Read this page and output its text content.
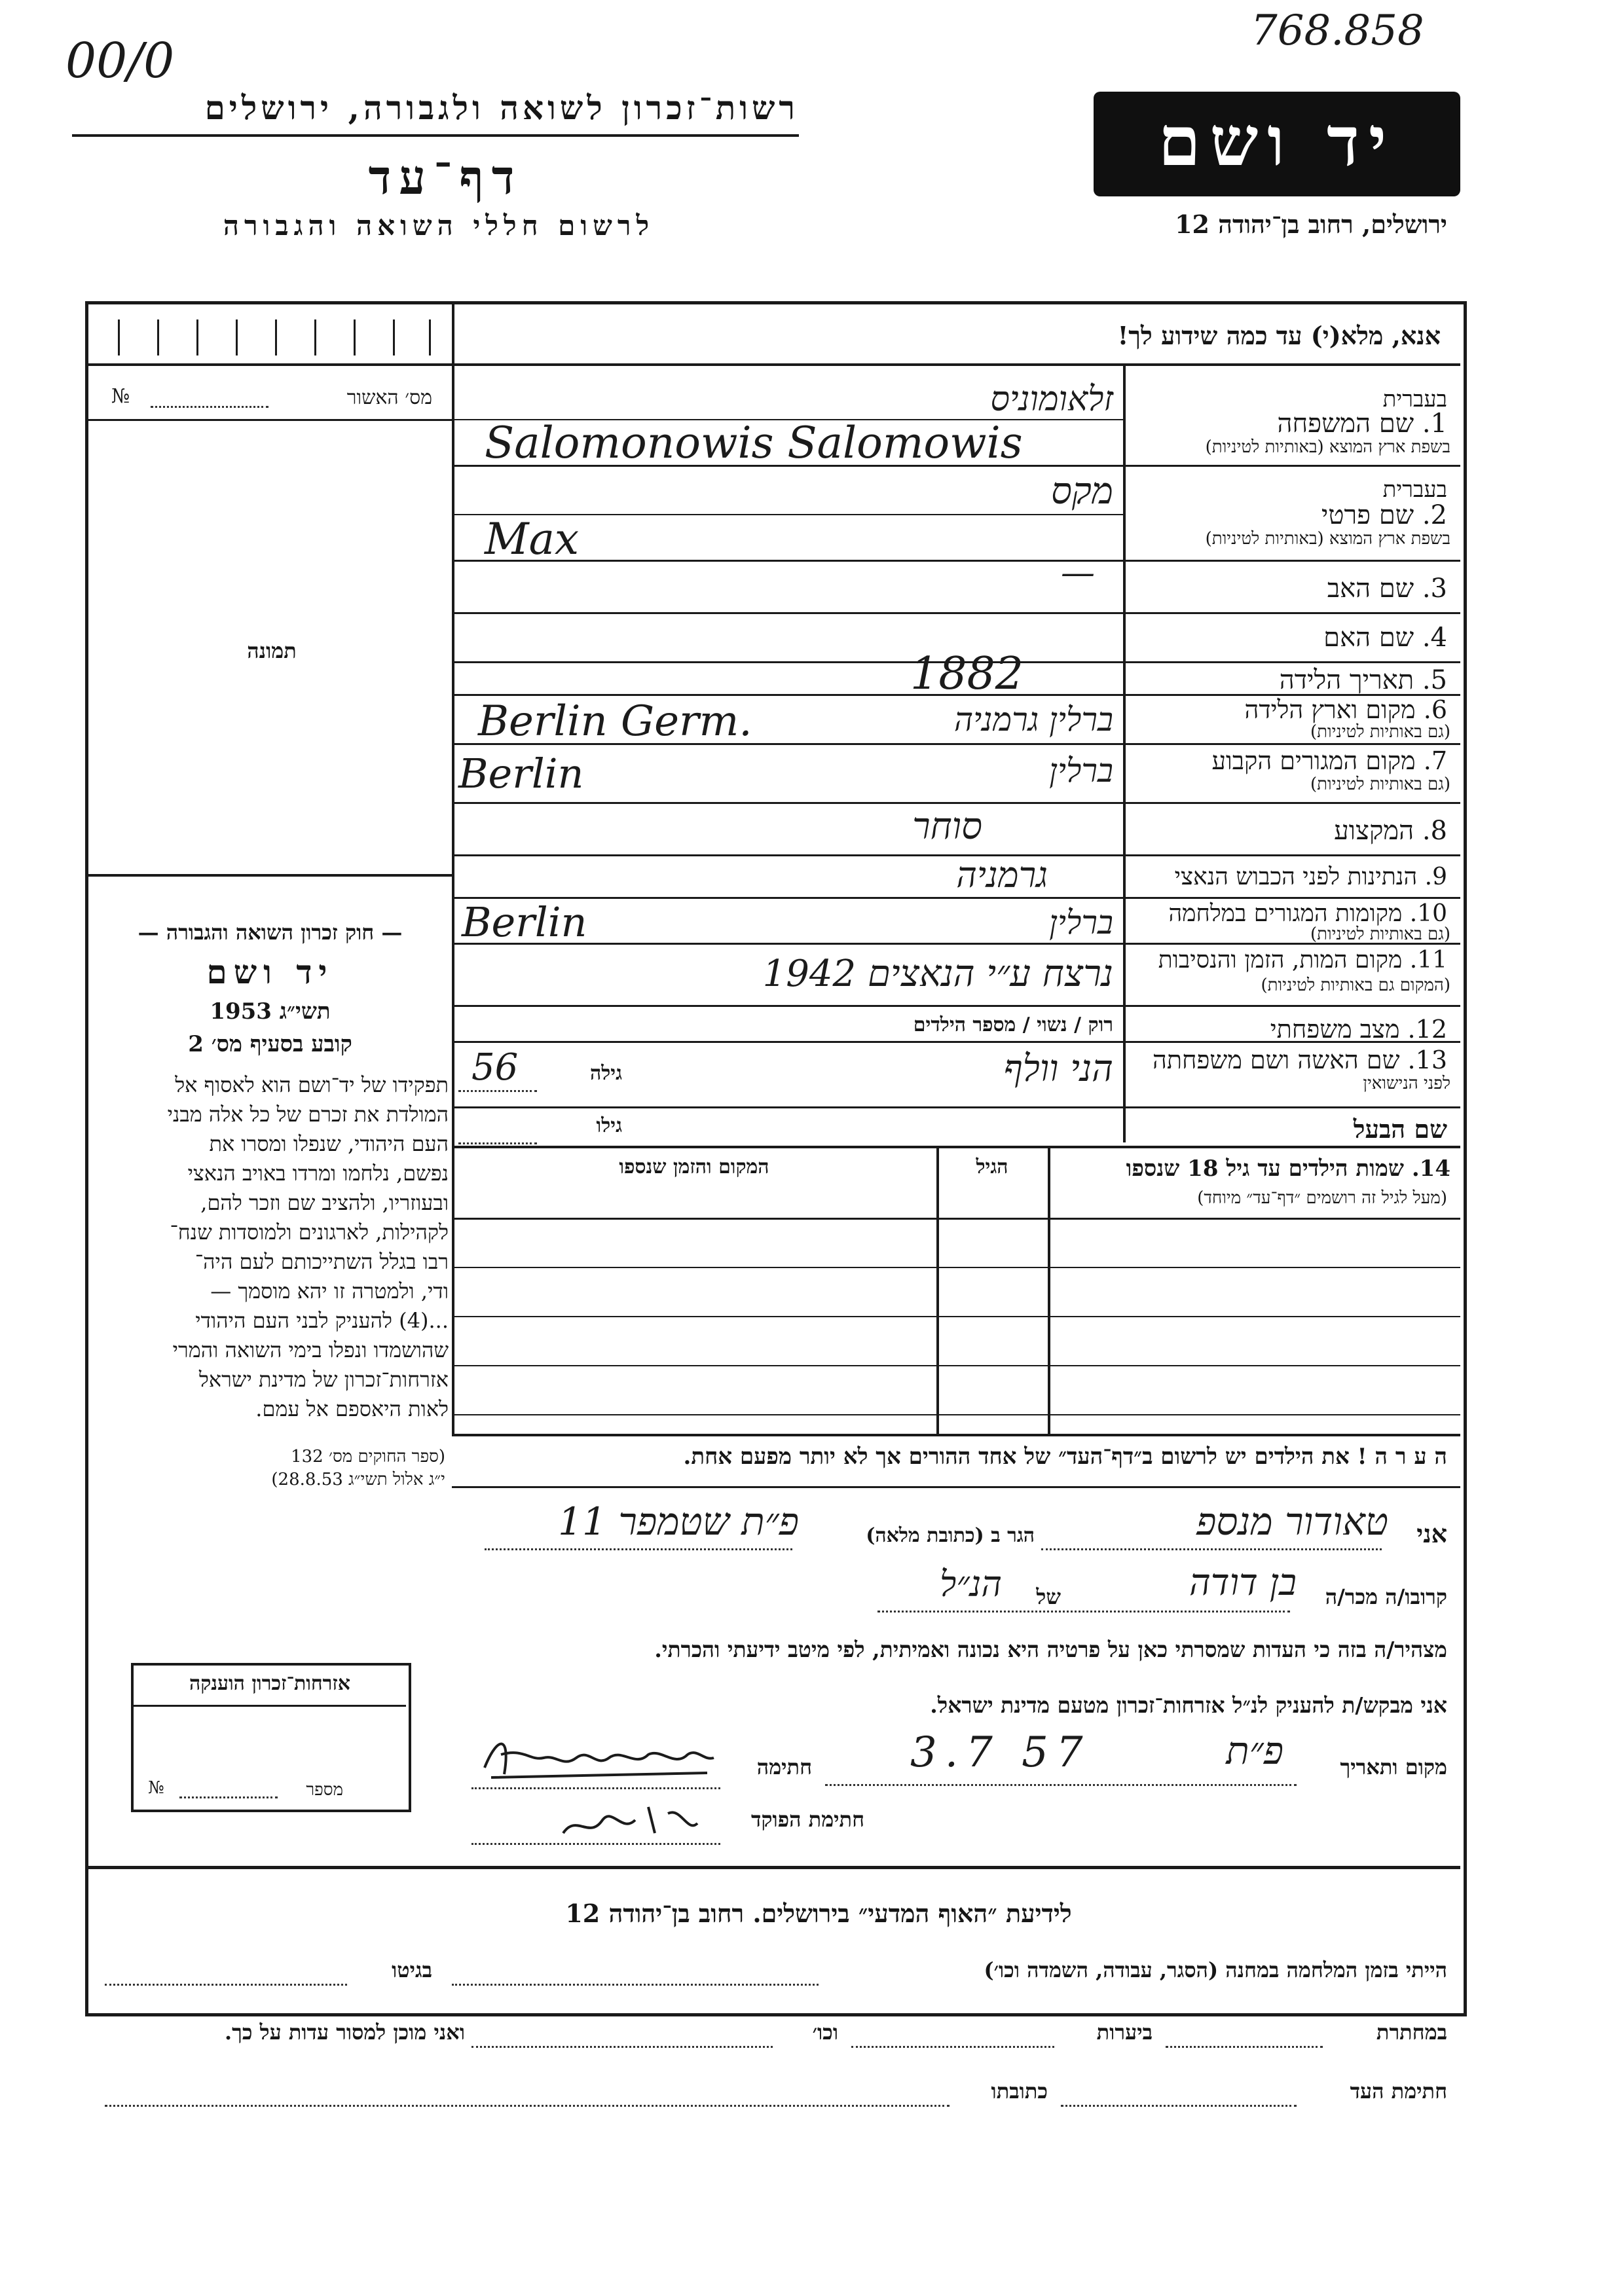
00/0
768.858
רשות־זכרון לשואה ולגבורה, ירושלים
דף־עד
לרשום חללי השואה והגבורה
יד ושם
ירושלים, רחוב בן־יהודה 12
אנא, מלא(י) עד כמה שידוע לך!
מס׳ האשור
№
תמונה
— חוק זכרון השואה והגבורה —
יד ושם
תשי״ג 1953
קובע בסעיף מס׳ 2
תפקידו של יד־ושם הוא לאסוף אל
המולדת את זכרם של כל אלה מבני
העם היהודי, שנפלו ומסרו את
נפשם, נלחמו ומרדו באויב הנאצי
ובעוזריו, ולהציב שם וזכר להם,
לקהילות, לארגונים ולמוסדות שנח־
רבו בגלל השתייכותם לעם היה־
ודי, ולמטרה זו יהא מוסמך —
...(4) להעניק לבני העם היהודי
שהושמדו ונפלו בימי השואה והמרי
אזרחות־זכרון של מדינת ישראל
לאות היאספם אל עמם.
(ספר החוקים מס׳ 132
י״ג אלול תשי״ג 28.8.53)
בעברית
1. שם המשפחה
בשפת ארץ המוצא (באותיות לטיניות)
זלאומוניס
Salomonowis Salomowis
בעברית
2. שם פרטי
בשפת ארץ המוצא (באותיות לטיניות)
מקס
Max
3. שם האב
—
4. שם האם
5. תאריך הלידה
1882
6. מקום וארץ הלידה
(גם באותיות לטיניות)
Berlin Germ.	ברלין גרמניה
7. מקום המגורים הקבוע
(גם באותיות לטיניות)
Berlin	ברלין
8. המקצוע
סוחר
9. הנתינות לפני הכבוש הנאצי
גרמניה
10. מקומות המגורים במלחמה
(גם באותיות לטיניות)
Berlin	ברלין
11. מקום המות, הזמן והנסיבות
(המקום גם באותיות לטיניות)
נרצח ע״י הנאצים 1942
12. מצב משפחתי
רוק / נשוי / מספר הילדים
13. שם האשה ושם משפחתה
לפני הנישואין
הני וולף
גילה
56
שם הבעל
גילו
14. שמות הילדים עד גיל 18 שנספו
(מעל לגיל זה רושמים ״דף־עד״ מיוחד)
הגיל
המקום והזמן שנספו
ה ע ר ה ! את הילדים יש לרשום ב״דף־העד״ של אחד ההורים אך לא יותר מפעם אחת.
אני
טאודור מנספ
הגר ב (כתובת מלאה)
פ״ת שטמפר 11
קרובו/ה מכר/ה
בן דודה
של
הנ״ל
מצהיר/ה בזה כי העדות שמסרתי כאן על פרטיה היא נכונה ואמיתית, לפי מיטב ידיעתי והכרתי.
אני מבקש/ת להעניק לנ״ל אזרחות־זכרון מטעם מדינת ישראל.
מקום ותאריך
פ״ת
3.7 57
חתימה
חתימת הפוקד
אזרחות־זכרון הוענקה
מספר
№
לידיעת ״האוף המדעי״ בירושלים. רחוב בן־יהודה 12
הייתי בזמן המלחמה במחנה (הסגר, עבודה, השמדה וכו׳)
בגיטו
במחתרת
ביערות
וכו׳
ואני מוכן למסור עדות על כך.
חתימת העד
כתובתו
